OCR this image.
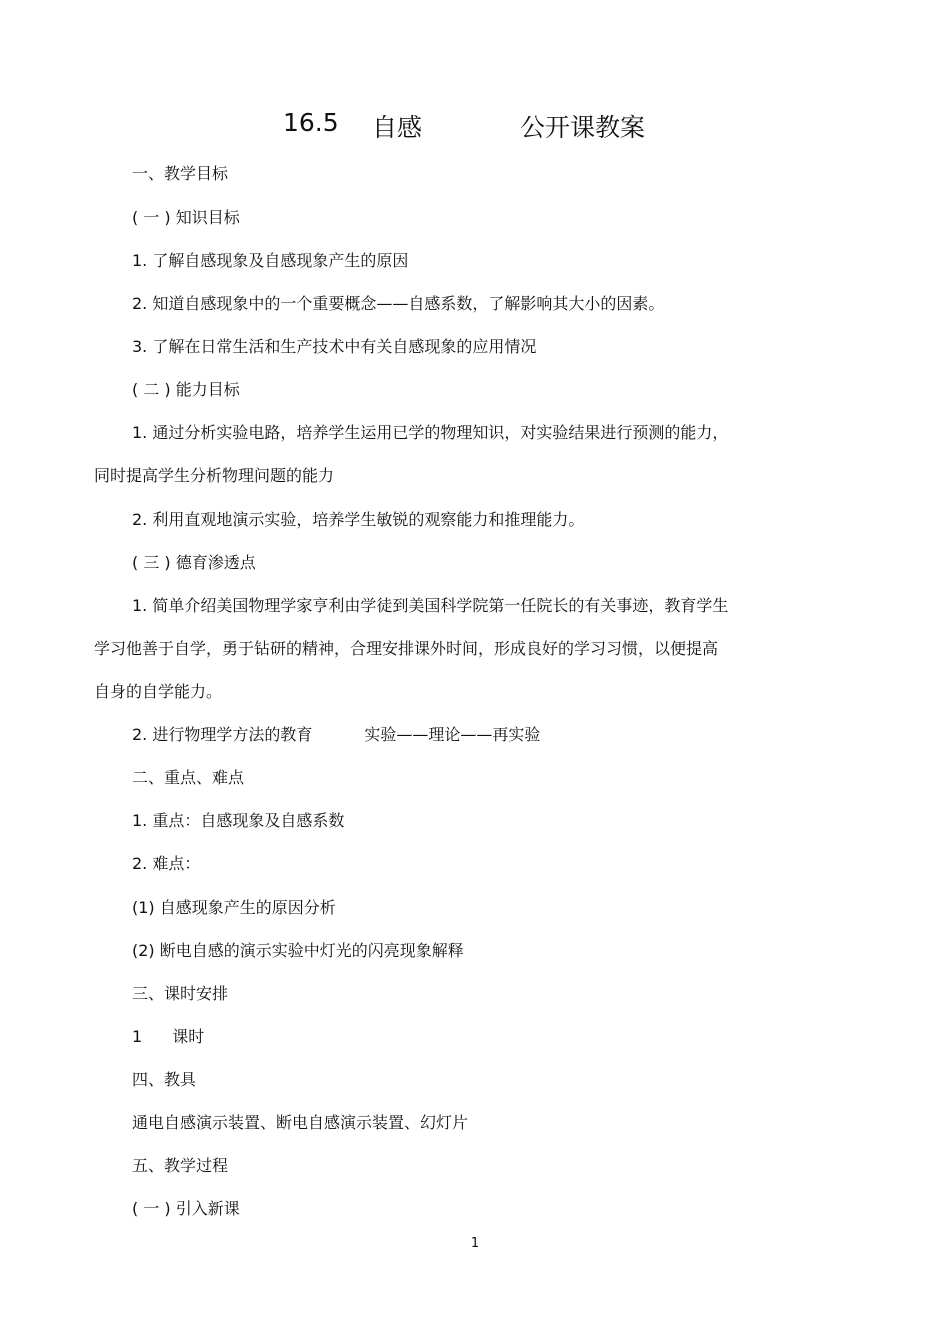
16.5 自感	公开课教案
一、教学目标
( 一 ) 知识目标
1. 了解自感现象及自感现象产生的原因
2. 知道自感现象中的一个重要概念——自感系数，了解影响其大小的因素。
3. 了解在日常生活和生产技术中有关自感现象的应用情况
( 二 ) 能力目标
1. 通过分析实验电路，培养学生运用已学的物理知识，对实验结果进行预测的能力，
同时提高学生分析物理问题的能力
2. 利用直观地演示实验，培养学生敏锐的观察能力和推理能力。
( 三 ) 德育渗透点
1. 简单介绍美国物理学家亨利由学徒到美国科学院第一任院长的有关事迹，教育学生
学习他善于自学，勇于钻研的精神，合理安排课外时间，形成良好的学习习惯，以便提高
自身的自学能力。
2. 进行物理学方法的教育	实验——理论——再实验
二、重点、难点
1. 重点：自感现象及自感系数
2. 难点：
(1) 自感现象产生的原因分析
(2) 断电自感的演示实验中灯光的闪亮现象解释
三、课时安排
1 课时
四、教具
通电自感演示装置、断电自感演示装置、幻灯片
五、教学过程
( 一 ) 引入新课
1
